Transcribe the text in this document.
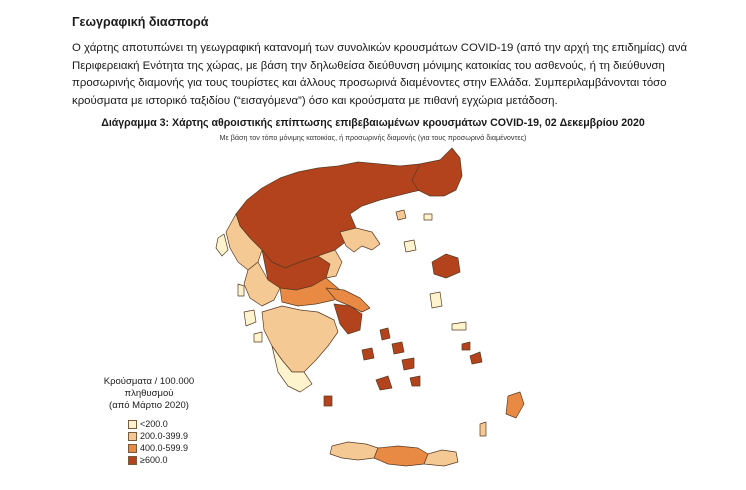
Γεωγραφική διασπορά

Ο χάρτης αποτυπώνει τη γεωγραφική κατανομή των συνολικών κρουσμάτων COVID-19 (από την αρχή της επιδημίας) ανά
Περιφερειακή Ενότητα της χώρας, με βάση την δηλωθείσα διεύθυνση μόνιμης κατοικίας του ασθενούς, ή τη διεύθυνση
προσωρινής διαμονής για τους τουρίστες και άλλους προσωρινά διαμένοντες στην Ελλάδα. Συμπεριλαμβάνονται τόσο
κρούσματα με ιστορικό ταξιδίου (“εισαγόμενα”) όσο και κρούσματα με πιθανή εγχώρια μετάδοση.

Διάγραμμα 3: Χάρτης αθροιστικής επίπτωσης επιβεβαιωμένων κρουσμάτων COVID-19, 02 Δεκεμβρίου 2020
Με βάση τον τόπο μόνιμης κατοικίας, ή προσωρινής διαμονής (για τους προσωρινά διαμένοντες)
Κρούσματα / 100.000 πληθυσμού
(από Μάρτιο 2020)
<200.0
200.0-399.9
400.0-599.9
≥600.0
